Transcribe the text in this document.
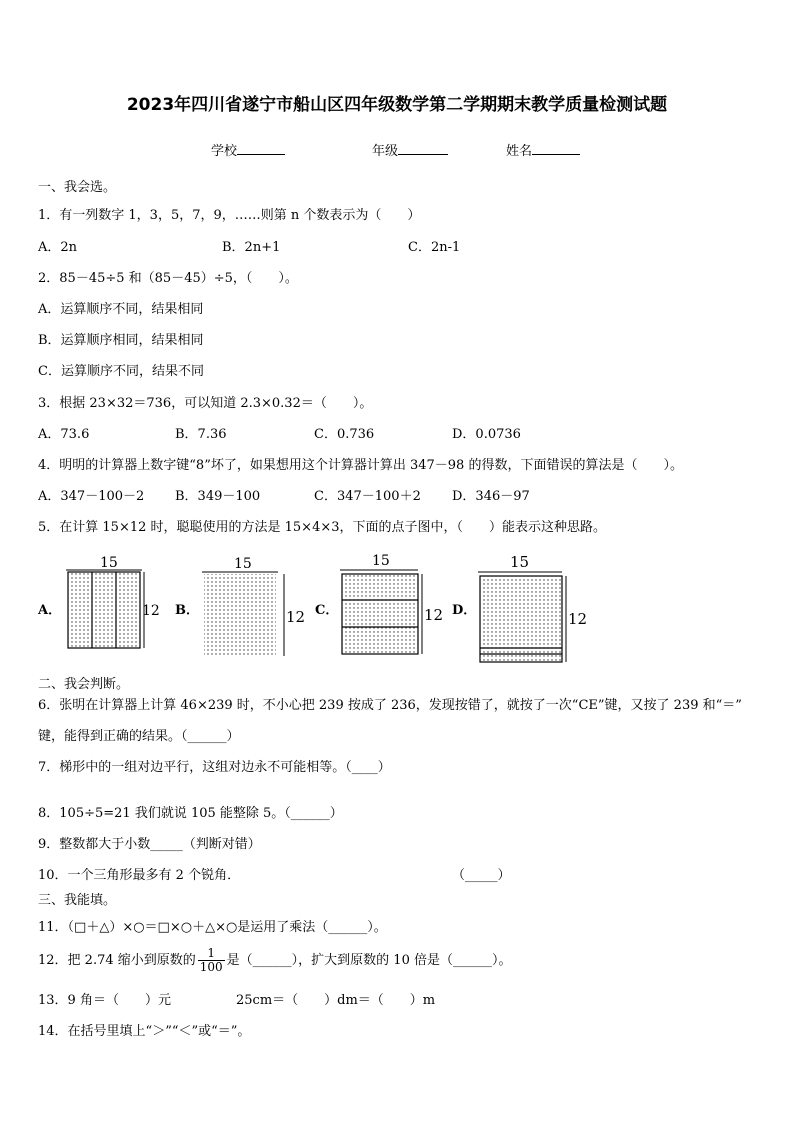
2023年四川省遂宁市船山区四年级数学第二学期期末教学质量检测试题
学校	年级	姓名
一、我会选。
1．有一列数字 1，3，5，7，9，……则第 n 个数表示为（　　）
A．2n	B．2n+1	C．2n-1
2．85－45÷5 和（85－45）÷5，（　　）。
A．运算顺序不同，结果相同
B．运算顺序相同，结果相同
C．运算顺序不同，结果不同
3．根据 23×32＝736，可以知道 2.3×0.32＝（　　）。
A．73.6	B．7.36	C．0.736	D．0.0736
4．明明的计算器上数字键“8”坏了，如果想用这个计算器计算出 347－98 的得数，下面错误的算法是（　　）。
A．347－100－2 B．349－100	C．347－100＋2 D．346－97
5．在计算 15×12 时，聪聪使用的方法是 15×4×3，下面的点子图中，（　　）能表示这种思路。
A．
15
12 B．
15
12 C．
15
12 D．
15
12
二、我会判断。
6．张明在计算器上计算 46×239 时，不小心把 239 按成了 236，发现按错了，就按了一次“CE”键，又按了 239 和“＝”
键，能得到正确的结果。（______）
7．梯形中的一组对边平行，这组对边永不可能相等。（____）
8．105÷5=21 我们就说 105 能整除 5。（______）
9．整数都大于小数_____（判断对错）
10．一个三角形最多有 2 个锐角．	（_____）
三、我能填。
11．（□＋△）×○＝□×○＋△×○是运用了乘法（______）。
12．把 2.74 缩小到原数的 $\frac{1}{100}$ 是（______），扩大到原数的 10 倍是（______）。
13．9 角＝（　　）元	25cm＝（　　）dm＝（　　）m
14．在括号里填上“＞”“＜”或“＝”。
